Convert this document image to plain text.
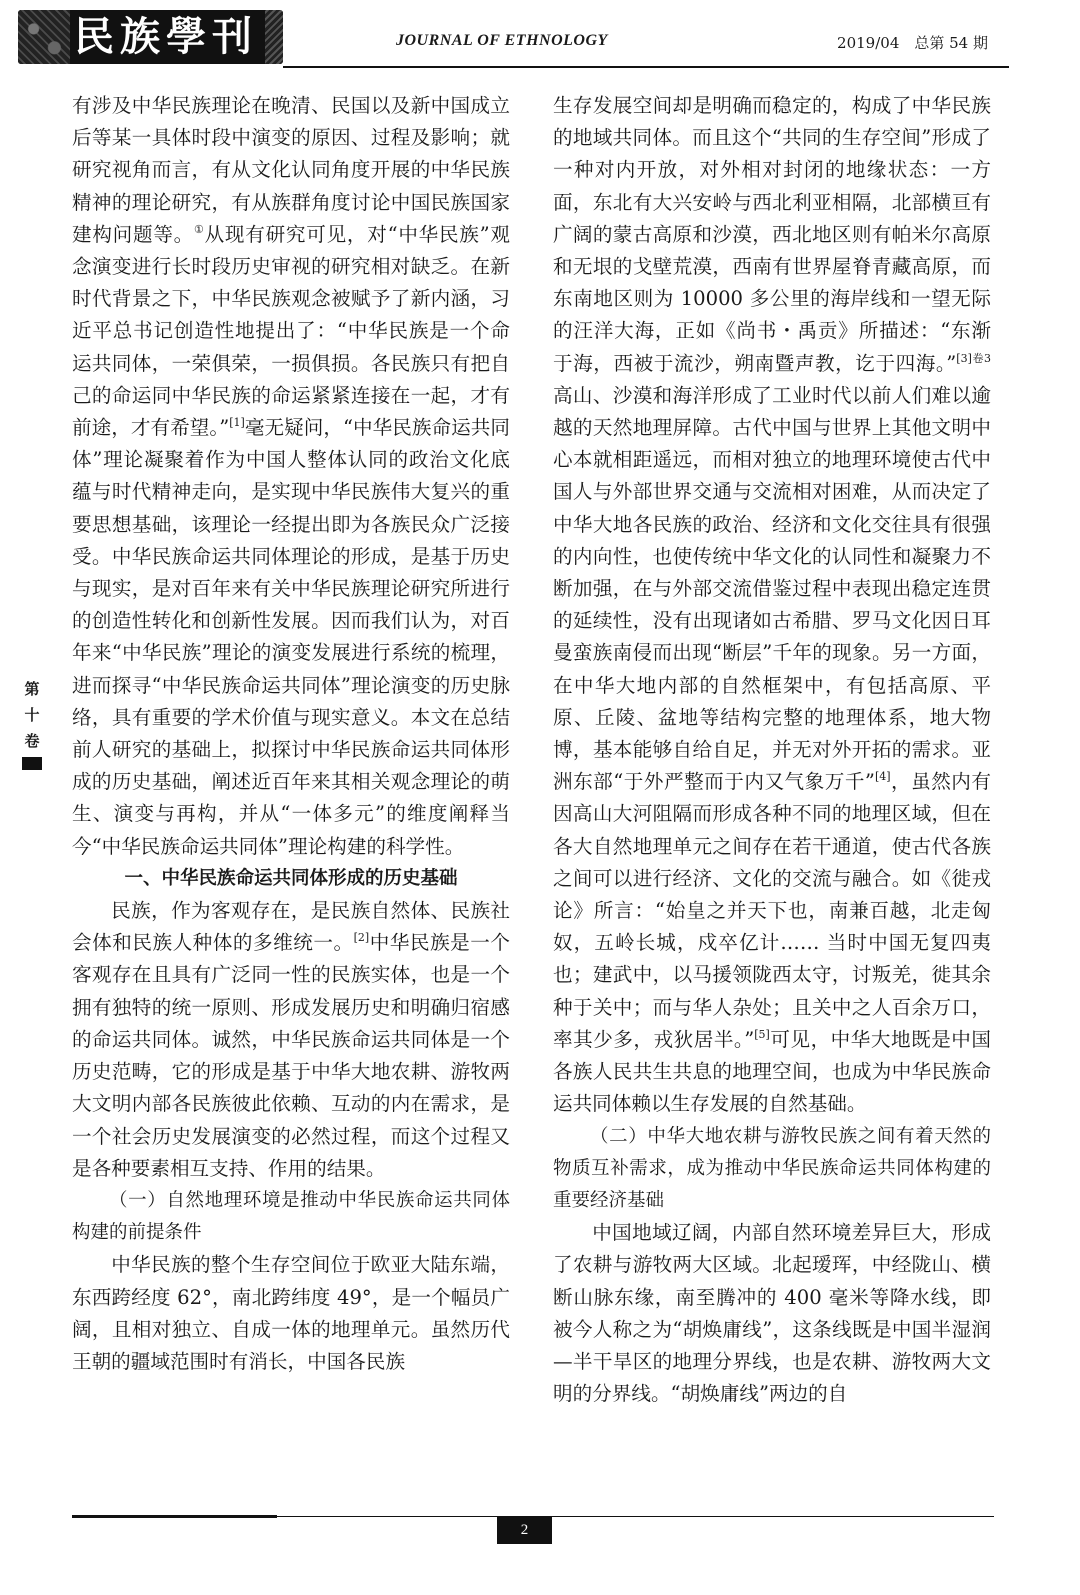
民族學刊	JOURNAL OF ETHNOLOGY	2019/04　总第 54 期
第
十
卷

有涉及中华民族理论在晚清、民国以及新中国成立后等某一具体时段中演变的原因、过程及影响；就研究视角而言，有从文化认同角度开展的中华民族精神的理论研究，有从族群角度讨论中国民族国家建构问题等。①从现有研究可见，对“中华民族”观念演变进行长时段历史审视的研究相对缺乏。在新时代背景之下，中华民族观念被赋予了新内涵，习近平总书记创造性地提出了：“中华民族是一个命运共同体，一荣俱荣，一损俱损。各民族只有把自己的命运同中华民族的命运紧紧连接在一起，才有前途，才有希望。”[1]毫无疑问，“中华民族命运共同体”理论凝聚着作为中国人整体认同的政治文化底蕴与时代精神走向，是实现中华民族伟大复兴的重要思想基础，该理论一经提出即为各族民众广泛接受。中华民族命运共同体理论的形成，是基于历史与现实，是对百年来有关中华民族理论研究所进行的创造性转化和创新性发展。因而我们认为，对百年来“中华民族”理论的演变发展进行系统的梳理，进而探寻“中华民族命运共同体”理论演变的历史脉络，具有重要的学术价值与现实意义。本文在总结前人研究的基础上，拟探讨中华民族命运共同体形成的历史基础，阐述近百年来其相关观念理论的萌生、演变与再构，并从“一体多元”的维度阐释当今“中华民族命运共同体”理论构建的科学性。

一、中华民族命运共同体形成的历史基础

民族，作为客观存在，是民族自然体、民族社会体和民族人种体的多维统一。[2]中华民族是一个客观存在且具有广泛同一性的民族实体，也是一个拥有独特的统一原则、形成发展历史和明确归宿感的命运共同体。诚然，中华民族命运共同体是一个历史范畴，它的形成是基于中华大地农耕、游牧两大文明内部各民族彼此依赖、互动的内在需求，是一个社会历史发展演变的必然过程，而这个过程又是各种要素相互支持、作用的结果。

（一）自然地理环境是推动中华民族命运共同体构建的前提条件

中华民族的整个生存空间位于欧亚大陆东端，东西跨经度 62°，南北跨纬度 49°，是一个幅员广阔，且相对独立、自成一体的地理单元。虽然历代王朝的疆域范围时有消长，中国各民族

生存发展空间却是明确而稳定的，构成了中华民族的地域共同体。而且这个“共同的生存空间”形成了一种对内开放，对外相对封闭的地缘状态：一方面，东北有大兴安岭与西北利亚相隔，北部横亘有广阔的蒙古高原和沙漠，西北地区则有帕米尔高原和无垠的戈壁荒漠，西南有世界屋脊青藏高原，而东南地区则为 10000 多公里的海岸线和一望无际的汪洋大海，正如《尚书・禹贡》所描述：“东渐于海，西被于流沙，朔南暨声教，讫于四海。”$^{[3]卷3}$高山、沙漠和海洋形成了工业时代以前人们难以逾越的天然地理屏障。古代中国与世界上其他文明中心本就相距遥远，而相对独立的地理环境使古代中国人与外部世界交通与交流相对困难，从而决定了中华大地各民族的政治、经济和文化交往具有很强的内向性，也使传统中华文化的认同性和凝聚力不断加强，在与外部交流借鉴过程中表现出稳定连贯的延续性，没有出现诸如古希腊、罗马文化因日耳曼蛮族南侵而出现“断层”千年的现象。另一方面，在中华大地内部的自然框架中，有包括高原、平原、丘陵、盆地等结构完整的地理体系，地大物博，基本能够自给自足，并无对外开拓的需求。亚洲东部“于外严整而于内又气象万千”[4]，虽然内有因高山大河阻隔而形成各种不同的地理区域，但在各大自然地理单元之间存在若干通道，使古代各族之间可以进行经济、文化的交流与融合。如《徙戎论》所言：“始皇之并天下也，南兼百越，北走匈奴，五岭长城，戍卒亿计…… 当时中国无复四夷也；建武中，以马援领陇西太守，讨叛羌，徙其余种于关中；而与华人杂处；且关中之人百余万口，率其少多，戎狄居半。”[5]可见，中华大地既是中国各族人民共生共息的地理空间，也成为中华民族命运共同体赖以生存发展的自然基础。

（二）中华大地农耕与游牧民族之间有着天然的物质互补需求，成为推动中华民族命运共同体构建的重要经济基础

中国地域辽阔，内部自然环境差异巨大，形成了农耕与游牧两大区域。北起瑷珲，中经陇山、横断山脉东缘，南至腾冲的 400 毫米等降水线，即被今人称之为“胡焕庸线”，这条线既是中国半湿润—半干旱区的地理分界线，也是农耕、游牧两大文明的分界线。“胡焕庸线”两边的自

2
